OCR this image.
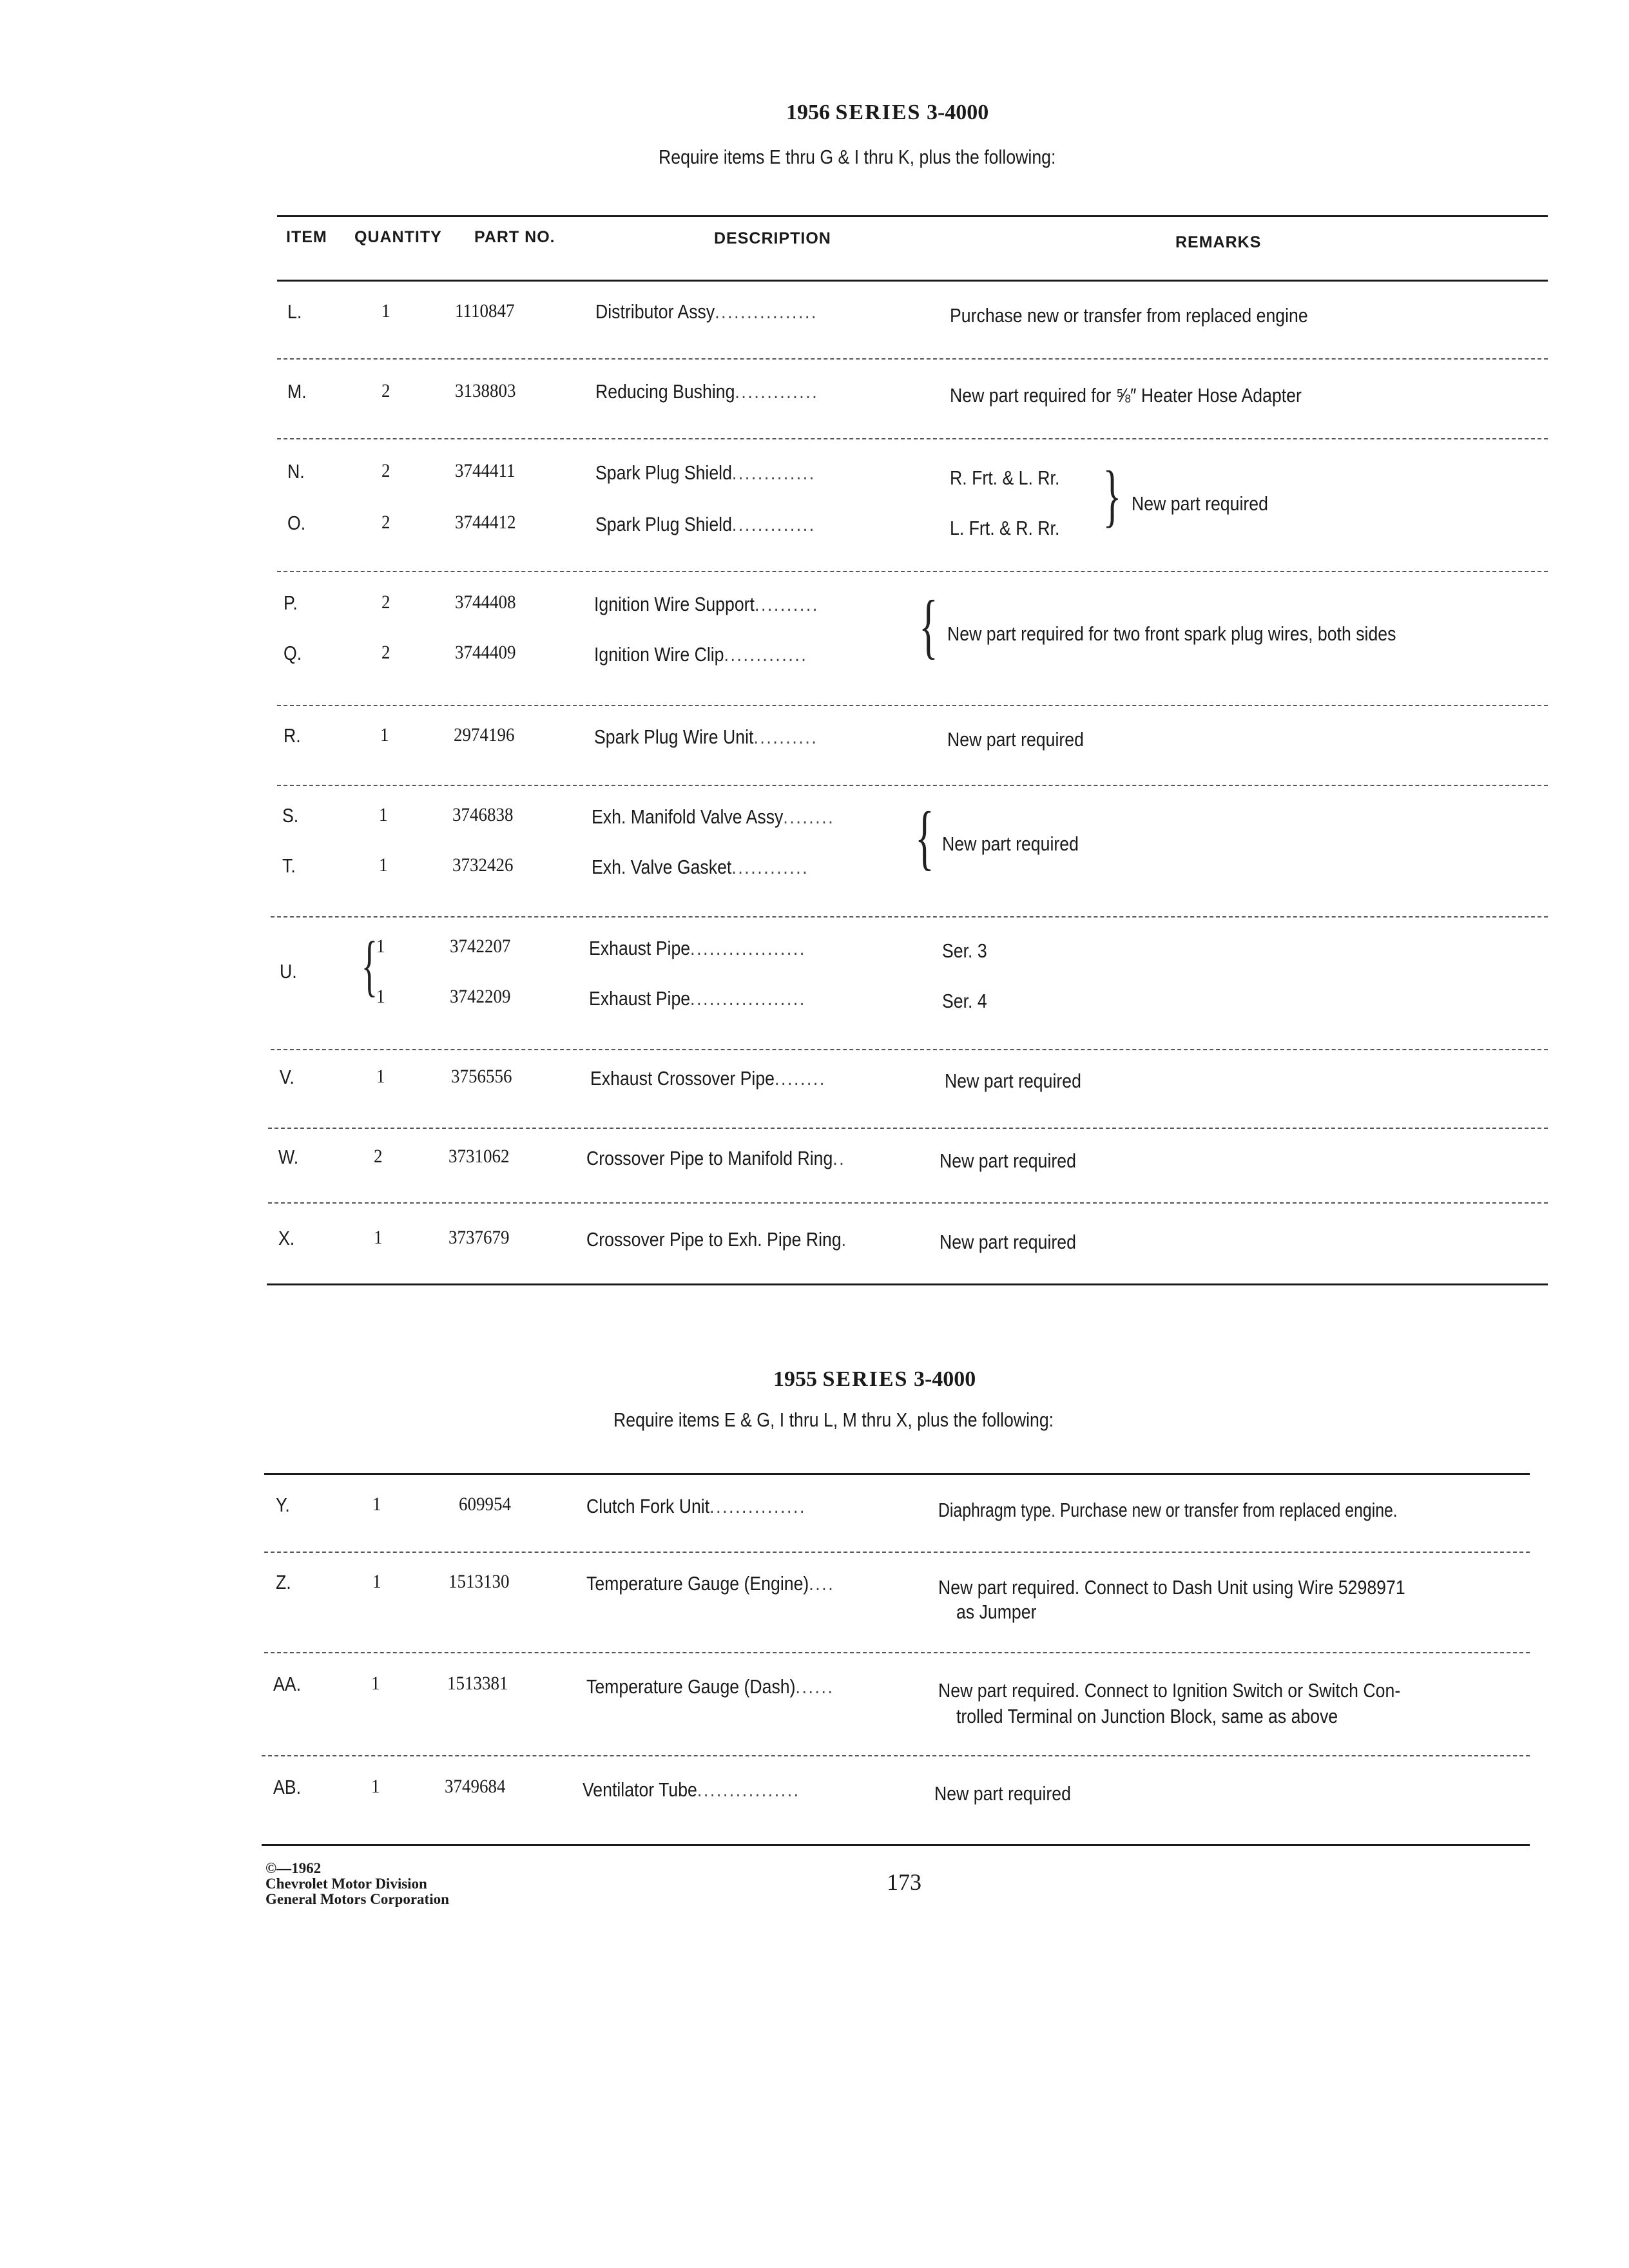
1956 SERIES 3-4000
Require items E thru G & I thru K, plus the following:
ITEM QUANTITY PART NO.	DESCRIPTION	REMARKS
L.	1	1110847	Distributor Assy................	Purchase new or transfer from replaced engine
M.	2	3138803	Reducing Bushing.............	New part required for ⅝″ Heater Hose Adapter
N.	2	3744411	Spark Plug Shield.............	R. Frt. & L. Rr.
O.	2	3744412	Spark Plug Shield.............	L. Frt. & R. Rr. } New part required
P.	2	3744408	Ignition Wire Support..........
Q.	2	3744409	Ignition Wire Clip............. { New part required for two front spark plug wires, both sides
R.	1	2974196	Spark Plug Wire Unit..........	New part required
S.	1	3746838	Exh. Manifold Valve Assy........
T.	1	3732426	Exh. Valve Gasket............ { New part required
U. {
1	3742207	Exhaust Pipe..................	Ser. 3
1	3742209	Exhaust Pipe..................	Ser. 4
V.	1	3756556	Exhaust Crossover Pipe........	New part required
W.	2	3731062	Crossover Pipe to Manifold Ring..	New part required
X.	1	3737679	Crossover Pipe to Exh. Pipe Ring.	New part required
1955 SERIES 3-4000
Require items E & G, I thru L, M thru X, plus the following:
Y.	1	609954	Clutch Fork Unit...............	Diaphragm type. Purchase new or transfer from replaced engine.
Z.	1	1513130	Temperature Gauge (Engine)....	New part required. Connect to Dash Unit using Wire 5298971
as Jumper
AA.	1	1513381	Temperature Gauge (Dash)......	New part required. Connect to Ignition Switch or Switch Con-
trolled Terminal on Junction Block, same as above
AB.	1	3749684	Ventilator Tube................	New part required
©—1962
Chevrolet Motor Division
General Motors Corporation
173
